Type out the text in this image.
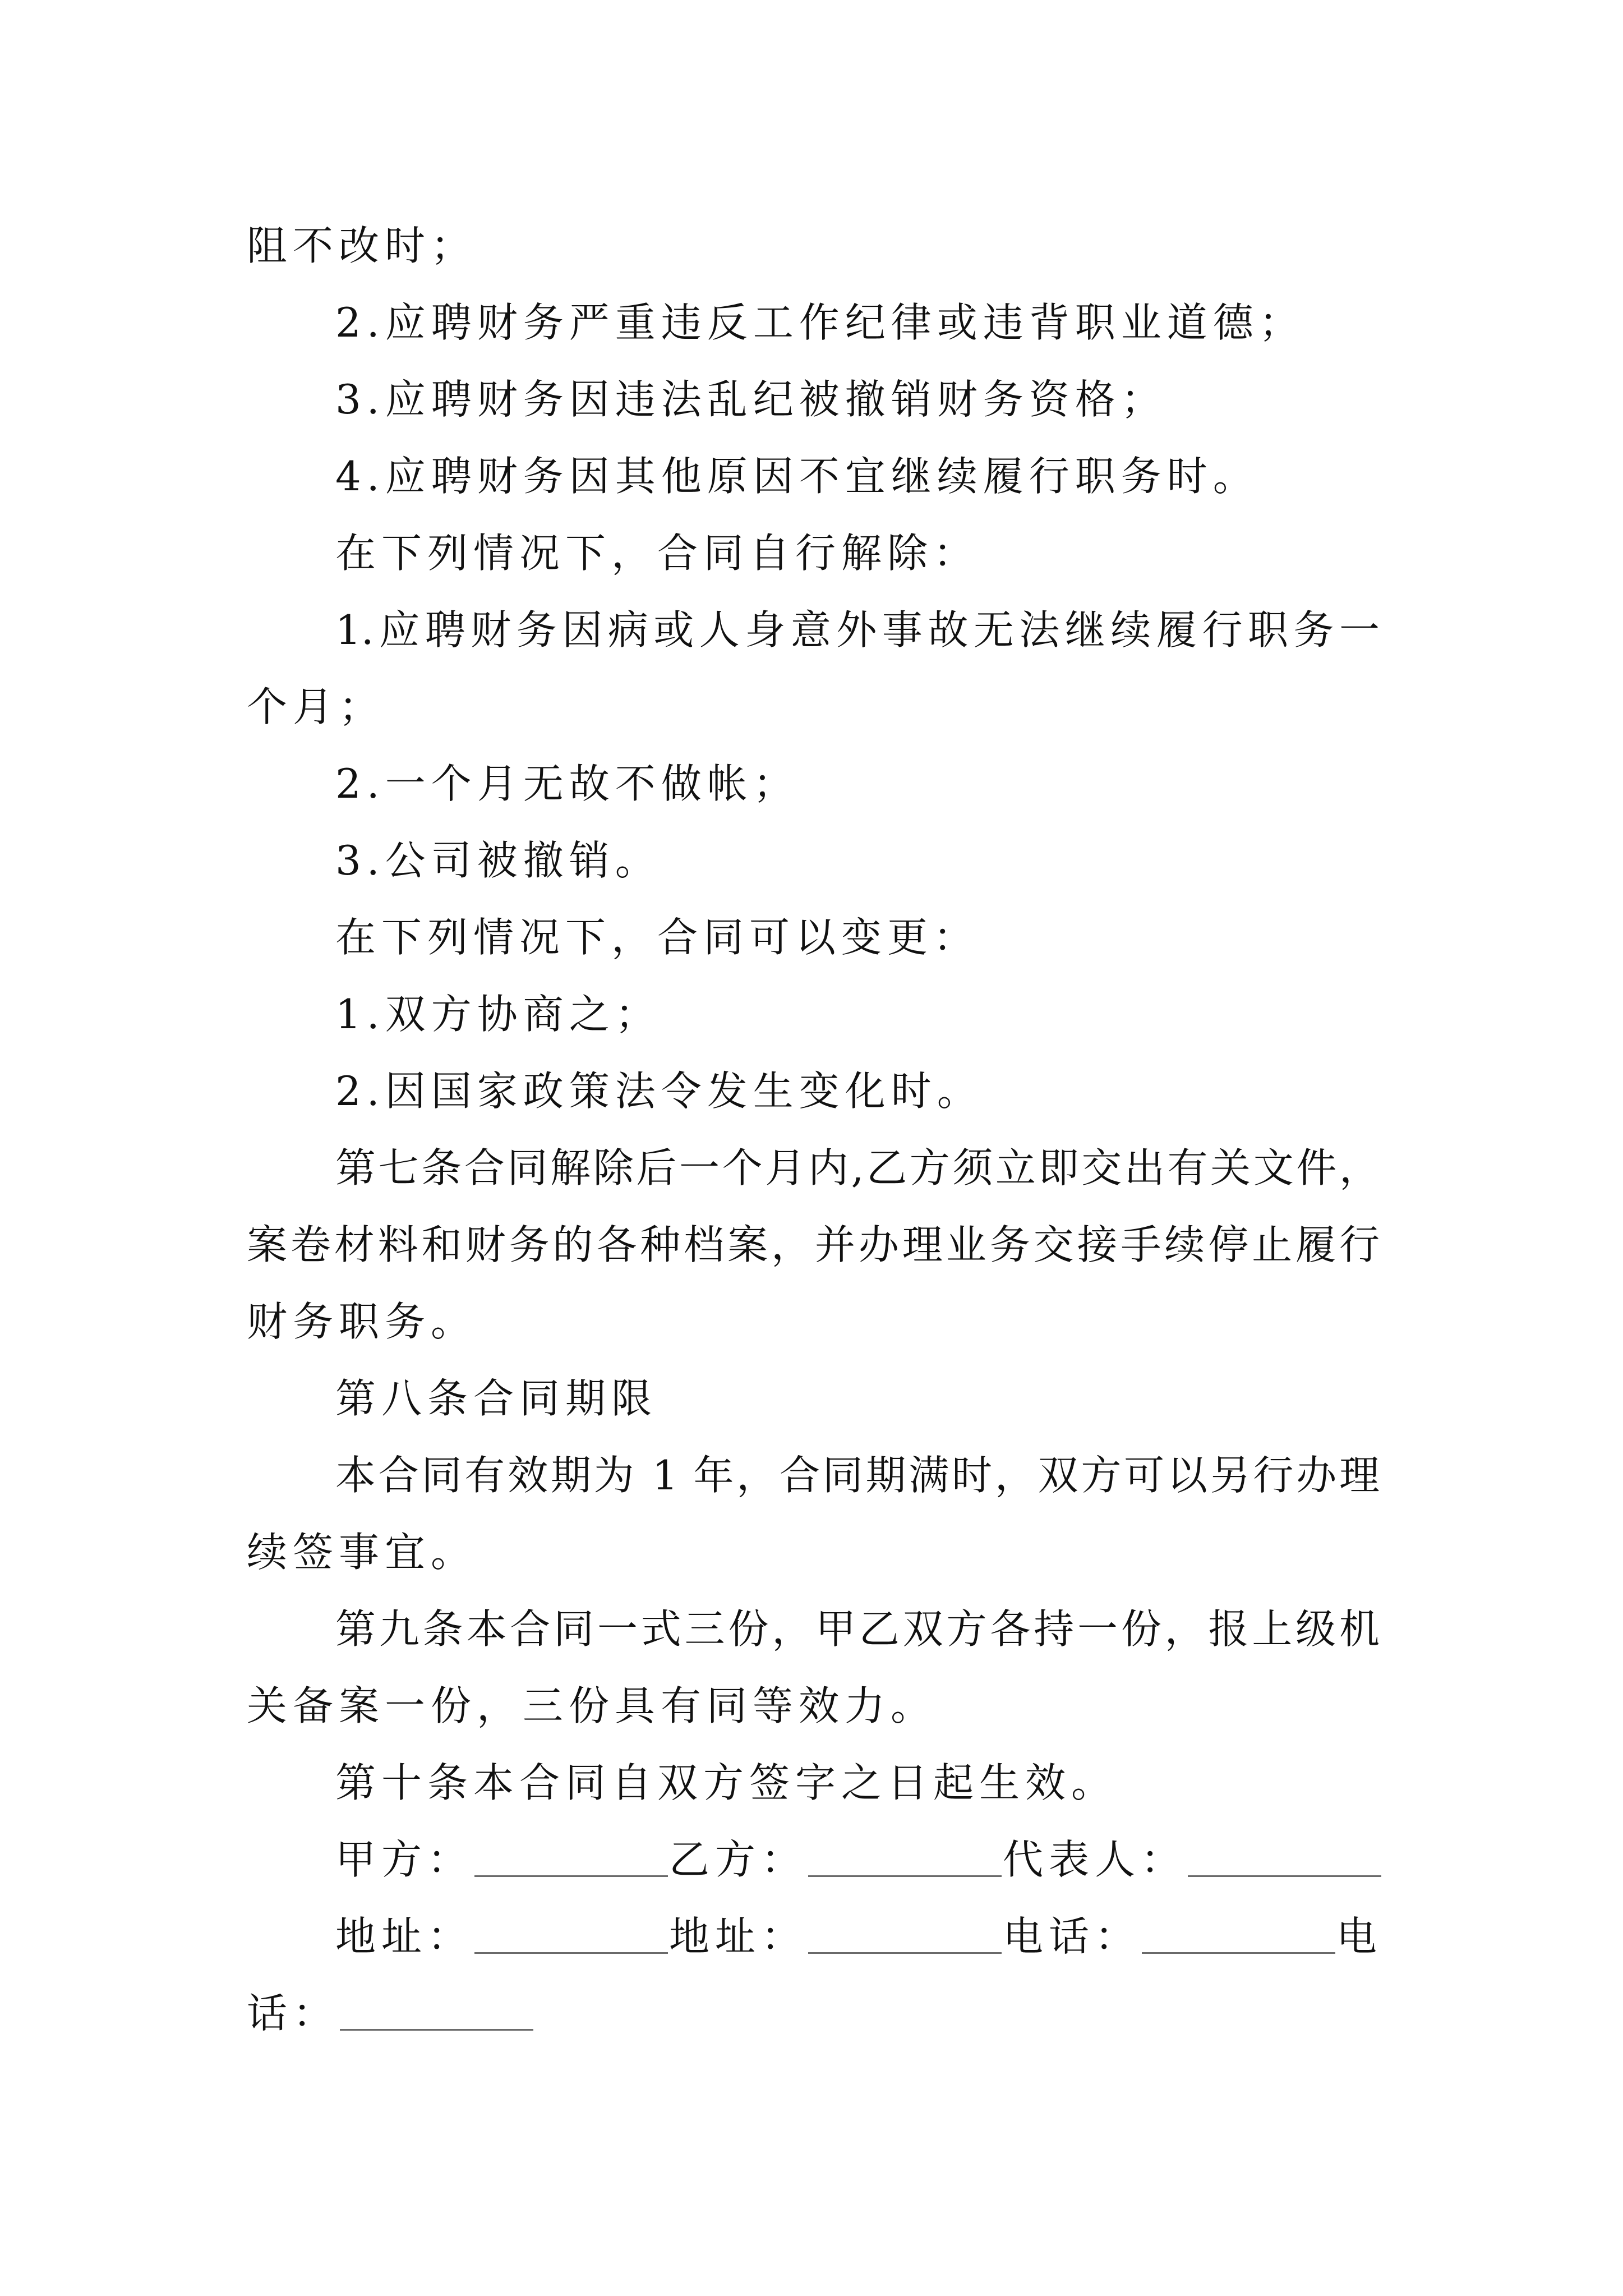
阻不改时；
2.应聘财务严重违反工作纪律或违背职业道德；
3.应聘财务因违法乱纪被撤销财务资格；
4.应聘财务因其他原因不宜继续履行职务时。
在下列情况下，合同自行解除：
1.应聘财务因病或人身意外事故无法继续履行职务一
个月；
2.一个月无故不做帐；
3.公司被撤销。
在下列情况下，合同可以变更：
1.双方协商之；
2.因国家政策法令发生变化时。
第七条合同解除后一个月内,乙方须立即交出有关文件，
案卷材料和财务的各种档案，并办理业务交接手续停止履行
财务职务。
第八条合同期限
本合同有效期为 1 年，合同期满时，双方可以另行办理
续签事宜。
第九条本合同一式三份，甲乙双方各持一份，报上级机
关备案一份，三份具有同等效力。
第十条本合同自双方签字之日起生效。
甲方：	乙方：	代表人：
地址：	地址：	电话：	电
话：
